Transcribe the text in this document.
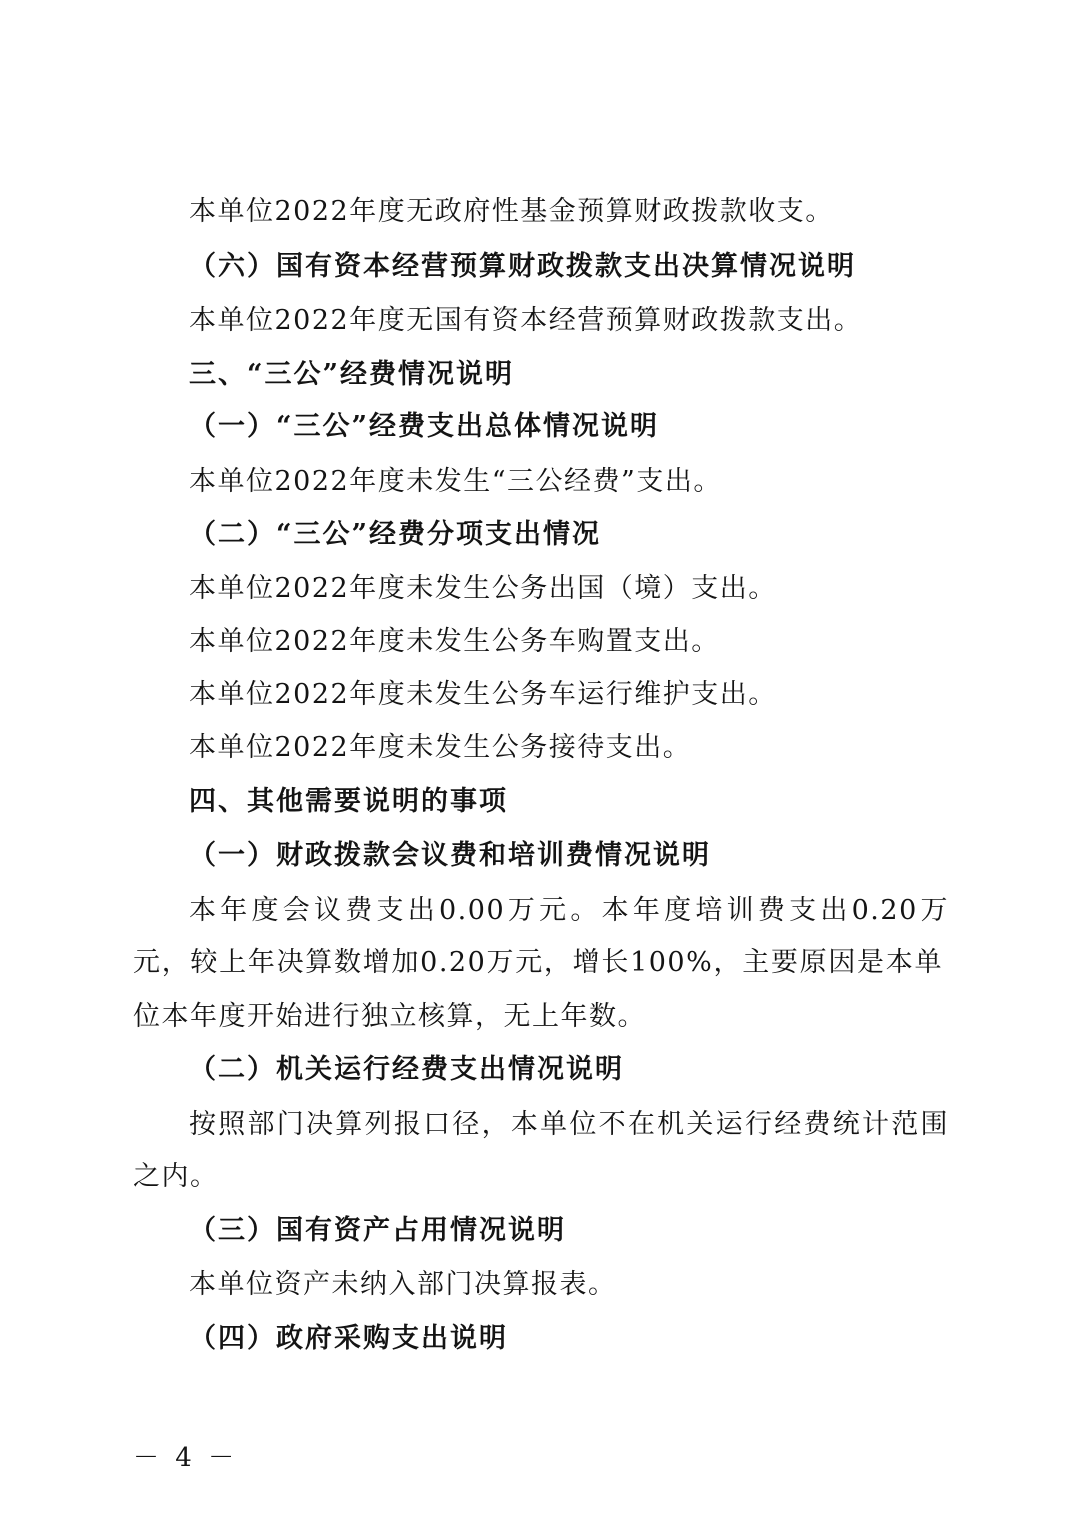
本单位2022年度无政府性基金预算财政拨款收支。
（六）国有资本经营预算财政拨款支出决算情况说明
本单位2022年度无国有资本经营预算财政拨款支出。
三、“三公”经费情况说明
（一）“三公”经费支出总体情况说明
本单位2022年度未发生“三公经费”支出。
（二）“三公”经费分项支出情况
本单位2022年度未发生公务出国（境）支出。
本单位2022年度未发生公务车购置支出。
本单位2022年度未发生公务车运行维护支出。
本单位2022年度未发生公务接待支出。
四、其他需要说明的事项
（一）财政拨款会议费和培训费情况说明
本年度会议费支出0.00万元。本年度培训费支出0.20万
元，较上年决算数增加0.20万元，增长100%，主要原因是本单
位本年度开始进行独立核算，无上年数。
（二）机关运行经费支出情况说明
按照部门决算列报口径，本单位不在机关运行经费统计范围
之内。
（三）国有资产占用情况说明
本单位资产未纳入部门决算报表。
（四）政府采购支出说明
－ 4 －
